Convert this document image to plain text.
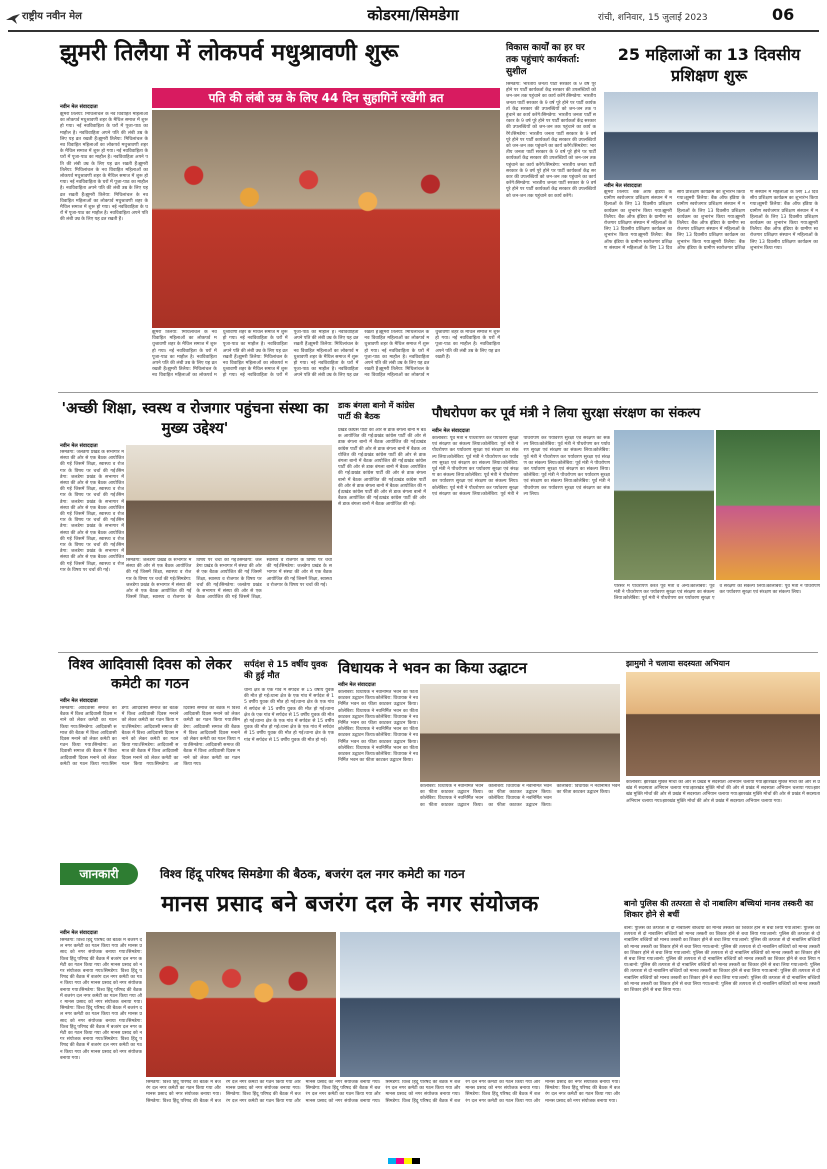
राष्ट्रीय नवीन मेल	कोडरमा/सिमडेगा	रांची, शनिवार, 15 जुलाई 2023	06
झुमरी तिलैया में लोकपर्व मधुश्रावणी शुरू
पति की लंबी उम्र के लिए 44 दिन सुहागिनें रखेंगी व्रत
नवीन मेल संवाददाता
झुमरी तिलैया: मिथिलांचल के नव विवाहित महिलाओं का लोकपर्व मधुश्रावणी शहर के मैथिल समाज में शुरू हो गया। नई नवविवाहिता के घरों में पूजा-पाठ का माहौल है। नवविवाहिता अपने पति की लंबी उम्र के लिए यह व्रत रखती हैं।झुमरी तिलैया: मिथिलांचल के नव विवाहित महिलाओं का लोकपर्व मधुश्रावणी शहर के मैथिल समाज में शुरू हो गया। नई नवविवाहिता के घरों में पूजा-पाठ का माहौल है। नवविवाहिता अपने पति की लंबी उम्र के लिए यह व्रत रखती हैं।झुमरी तिलैया: मिथिलांचल के नव विवाहित महिलाओं का लोकपर्व मधुश्रावणी शहर के मैथिल समाज में शुरू हो गया। नई नवविवाहिता के घरों में पूजा-पाठ का माहौल है। नवविवाहिता अपने पति की लंबी उम्र के लिए यह व्रत रखती हैं।झुमरी तिलैया: मिथिलांचल के नव विवाहित महिलाओं का लोकपर्व मधुश्रावणी शहर के मैथिल समाज में शुरू हो गया। नई नवविवाहिता के घरों में पूजा-पाठ का माहौल है। नवविवाहिता अपने पति की लंबी उम्र के लिए यह व्रत रखती हैं।
झुमरी तिलैया: मिथिलांचल के नव विवाहित महिलाओं का लोकपर्व मधुश्रावणी शहर के मैथिल समाज में शुरू हो गया। नई नवविवाहिता के घरों में पूजा-पाठ का माहौल है। नवविवाहिता अपने पति की लंबी उम्र के लिए यह व्रत रखती हैं।झुमरी तिलैया: मिथिलांचल के नव विवाहित महिलाओं का लोकपर्व मधुश्रावणी शहर के मैथिल समाज में शुरू हो गया। नई नवविवाहिता के घरों में पूजा-पाठ का माहौल है। नवविवाहिता अपने पति की लंबी उम्र के लिए यह व्रत रखती हैं।झुमरी तिलैया: मिथिलांचल के नव विवाहित महिलाओं का लोकपर्व मधुश्रावणी शहर के मैथिल समाज में शुरू हो गया। नई नवविवाहिता के घरों में पूजा-पाठ का माहौल है। नवविवाहिता अपने पति की लंबी उम्र के लिए यह व्रत रखती हैं।झुमरी तिलैया: मिथिलांचल के नव विवाहित महिलाओं का लोकपर्व मधुश्रावणी शहर के मैथिल समाज में शुरू हो गया। नई नवविवाहिता के घरों में पूजा-पाठ का माहौल है। नवविवाहिता अपने पति की लंबी उम्र के लिए यह व्रत रखती हैं।झुमरी तिलैया: मिथिलांचल के नव विवाहित महिलाओं का लोकपर्व मधुश्रावणी शहर के मैथिल समाज में शुरू हो गया। नई नवविवाहिता के घरों में पूजा-पाठ का माहौल है। नवविवाहिता अपने पति की लंबी उम्र के लिए यह व्रत रखती हैं।झुमरी तिलैया: मिथिलांचल के नव विवाहित महिलाओं का लोकपर्व मधुश्रावणी शहर के मैथिल समाज में शुरू हो गया। नई नवविवाहिता के घरों में पूजा-पाठ का माहौल है। नवविवाहिता अपने पति की लंबी उम्र के लिए यह व्रत रखती हैं।
विकास कार्यों का हर घर तक पहुंचाएं कार्यकर्ता: सुशील
सिमडेगा: भारतीय जनता पार्टी सरकार के 9 वर्ष पूरे होने पर पार्टी कार्यकर्ता केंद्र सरकार की उपलब्धियों को जन-जन तक पहुंचाने का कार्य करेंगे।सिमडेगा: भारतीय जनता पार्टी सरकार के 9 वर्ष पूरे होने पर पार्टी कार्यकर्ता केंद्र सरकार की उपलब्धियों को जन-जन तक पहुंचाने का कार्य करेंगे।सिमडेगा: भारतीय जनता पार्टी सरकार के 9 वर्ष पूरे होने पर पार्टी कार्यकर्ता केंद्र सरकार की उपलब्धियों को जन-जन तक पहुंचाने का कार्य करेंगे।सिमडेगा: भारतीय जनता पार्टी सरकार के 9 वर्ष पूरे होने पर पार्टी कार्यकर्ता केंद्र सरकार की उपलब्धियों को जन-जन तक पहुंचाने का कार्य करेंगे।सिमडेगा: भारतीय जनता पार्टी सरकार के 9 वर्ष पूरे होने पर पार्टी कार्यकर्ता केंद्र सरकार की उपलब्धियों को जन-जन तक पहुंचाने का कार्य करेंगे।सिमडेगा: भारतीय जनता पार्टी सरकार के 9 वर्ष पूरे होने पर पार्टी कार्यकर्ता केंद्र सरकार की उपलब्धियों को जन-जन तक पहुंचाने का कार्य करेंगे।सिमडेगा: भारतीय जनता पार्टी सरकार के 9 वर्ष पूरे होने पर पार्टी कार्यकर्ता केंद्र सरकार की उपलब्धियों को जन-जन तक पहुंचाने का कार्य करेंगे।
25 महिलाओं का 13 दिवसीय प्रशिक्षण शुरू
नवीन मेल संवाददाता
झुमरी तिलैया: बैंक ऑफ इंडिया के ग्रामीण स्वरोजगार प्रशिक्षण संस्थान में महिलाओं के लिए 13 दिवसीय प्रशिक्षण कार्यक्रम का शुभारंभ किया गया।झुमरी तिलैया: बैंक ऑफ इंडिया के ग्रामीण स्वरोजगार प्रशिक्षण संस्थान में महिलाओं के लिए 13 दिवसीय प्रशिक्षण कार्यक्रम का शुभारंभ किया गया।झुमरी तिलैया: बैंक ऑफ इंडिया के ग्रामीण स्वरोजगार प्रशिक्षण संस्थान में महिलाओं के लिए 13 दिवसीय प्रशिक्षण कार्यक्रम का शुभारंभ किया गया।झुमरी तिलैया: बैंक ऑफ इंडिया के ग्रामीण स्वरोजगार प्रशिक्षण संस्थान में महिलाओं के लिए 13 दिवसीय प्रशिक्षण कार्यक्रम का शुभारंभ किया गया।झुमरी तिलैया: बैंक ऑफ इंडिया के ग्रामीण स्वरोजगार प्रशिक्षण संस्थान में महिलाओं के लिए 13 दिवसीय प्रशिक्षण कार्यक्रम का शुभारंभ किया गया।झुमरी तिलैया: बैंक ऑफ इंडिया के ग्रामीण स्वरोजगार प्रशिक्षण संस्थान में महिलाओं के लिए 13 दिवसीय प्रशिक्षण कार्यक्रम का शुभारंभ किया गया।झुमरी तिलैया: बैंक ऑफ इंडिया के ग्रामीण स्वरोजगार प्रशिक्षण संस्थान में महिलाओं के लिए 13 दिवसीय प्रशिक्षण कार्यक्रम का शुभारंभ किया गया।झुमरी तिलैया: बैंक ऑफ इंडिया के ग्रामीण स्वरोजगार प्रशिक्षण संस्थान में महिलाओं के लिए 13 दिवसीय प्रशिक्षण कार्यक्रम का शुभारंभ किया गया।
'अच्छी शिक्षा, स्वस्थ व रोजगार पहुंचना संस्था का मुख्य उद्देश्य'
नवीन मेल संवाददाता
सिमडेगा: जलडेगा प्रखंड के सभागार में संस्था की ओर से एक बैठक आयोजित की गई जिसमें शिक्षा, स्वास्थ्य व रोजगार के विषय पर चर्चा की गई।सिमडेगा: जलडेगा प्रखंड के सभागार में संस्था की ओर से एक बैठक आयोजित की गई जिसमें शिक्षा, स्वास्थ्य व रोजगार के विषय पर चर्चा की गई।सिमडेगा: जलडेगा प्रखंड के सभागार में संस्था की ओर से एक बैठक आयोजित की गई जिसमें शिक्षा, स्वास्थ्य व रोजगार के विषय पर चर्चा की गई।सिमडेगा: जलडेगा प्रखंड के सभागार में संस्था की ओर से एक बैठक आयोजित की गई जिसमें शिक्षा, स्वास्थ्य व रोजगार के विषय पर चर्चा की गई।सिमडेगा: जलडेगा प्रखंड के सभागार में संस्था की ओर से एक बैठक आयोजित की गई जिसमें शिक्षा, स्वास्थ्य व रोजगार के विषय पर चर्चा की गई।
सिमडेगा: जलडेगा प्रखंड के सभागार में संस्था की ओर से एक बैठक आयोजित की गई जिसमें शिक्षा, स्वास्थ्य व रोजगार के विषय पर चर्चा की गई।सिमडेगा: जलडेगा प्रखंड के सभागार में संस्था की ओर से एक बैठक आयोजित की गई जिसमें शिक्षा, स्वास्थ्य व रोजगार के विषय पर चर्चा की गई।सिमडेगा: जलडेगा प्रखंड के सभागार में संस्था की ओर से एक बैठक आयोजित की गई जिसमें शिक्षा, स्वास्थ्य व रोजगार के विषय पर चर्चा की गई।सिमडेगा: जलडेगा प्रखंड के सभागार में संस्था की ओर से एक बैठक आयोजित की गई जिसमें शिक्षा, स्वास्थ्य व रोजगार के विषय पर चर्चा की गई।सिमडेगा: जलडेगा प्रखंड के सभागार में संस्था की ओर से एक बैठक आयोजित की गई जिसमें शिक्षा, स्वास्थ्य व रोजगार के विषय पर चर्चा की गई।
डाक बंगला बानो में कांग्रेस पार्टी की बैठक
प्रखंड कांग्रेस पार्टी की ओर से डाक बंगला बानो में बैठक आयोजित की गई।प्रखंड कांग्रेस पार्टी की ओर से डाक बंगला बानो में बैठक आयोजित की गई।प्रखंड कांग्रेस पार्टी की ओर से डाक बंगला बानो में बैठक आयोजित की गई।प्रखंड कांग्रेस पार्टी की ओर से डाक बंगला बानो में बैठक आयोजित की गई।प्रखंड कांग्रेस पार्टी की ओर से डाक बंगला बानो में बैठक आयोजित की गई।प्रखंड कांग्रेस पार्टी की ओर से डाक बंगला बानो में बैठक आयोजित की गई।प्रखंड कांग्रेस पार्टी की ओर से डाक बंगला बानो में बैठक आयोजित की गई।प्रखंड कांग्रेस पार्टी की ओर से डाक बंगला बानो में बैठक आयोजित की गई।प्रखंड कांग्रेस पार्टी की ओर से डाक बंगला बानो में बैठक आयोजित की गई।
पौधरोपण कर पूर्व मंत्री ने लिया सुरक्षा संरक्षण का संकल्प
नवीन मेल संवाददाता
कोलेबिरा: पूर्व मंत्री ने पौधरोपण कर पर्यावरण सुरक्षा एवं संरक्षण का संकल्प लिया।कोलेबिरा: पूर्व मंत्री ने पौधरोपण कर पर्यावरण सुरक्षा एवं संरक्षण का संकल्प लिया।कोलेबिरा: पूर्व मंत्री ने पौधरोपण कर पर्यावरण सुरक्षा एवं संरक्षण का संकल्प लिया।कोलेबिरा: पूर्व मंत्री ने पौधरोपण कर पर्यावरण सुरक्षा एवं संरक्षण का संकल्प लिया।कोलेबिरा: पूर्व मंत्री ने पौधरोपण कर पर्यावरण सुरक्षा एवं संरक्षण का संकल्प लिया।कोलेबिरा: पूर्व मंत्री ने पौधरोपण कर पर्यावरण सुरक्षा एवं संरक्षण का संकल्प लिया।कोलेबिरा: पूर्व मंत्री ने पौधरोपण कर पर्यावरण सुरक्षा एवं संरक्षण का संकल्प लिया।कोलेबिरा: पूर्व मंत्री ने पौधरोपण कर पर्यावरण सुरक्षा एवं संरक्षण का संकल्प लिया।कोलेबिरा: पूर्व मंत्री ने पौधरोपण कर पर्यावरण सुरक्षा एवं संरक्षण का संकल्प लिया।कोलेबिरा: पूर्व मंत्री ने पौधरोपण कर पर्यावरण सुरक्षा एवं संरक्षण का संकल्प लिया।कोलेबिरा: पूर्व मंत्री ने पौधरोपण कर पर्यावरण सुरक्षा एवं संरक्षण का संकल्प लिया।कोलेबिरा: पूर्व मंत्री ने पौधरोपण कर पर्यावरण सुरक्षा एवं संरक्षण का संकल्प लिया।
परिसर में पौधरोपण करते पूर्व मंत्री व अन्य।कोलेबिरा: पूर्व मंत्री ने पौधरोपण कर पर्यावरण सुरक्षा एवं संरक्षण का संकल्प लिया।कोलेबिरा: पूर्व मंत्री ने पौधरोपण कर पर्यावरण सुरक्षा एवं संरक्षण का संकल्प लिया।कोलेबिरा: पूर्व मंत्री ने पौधरोपण कर पर्यावरण सुरक्षा एवं संरक्षण का संकल्प लिया।
विश्व आदिवासी दिवस को लेकर कमेटी का गठन
नवीन मेल संवाददाता
सिमडेगा: आदिवासी समाज की बैठक में विश्व आदिवासी दिवस मनाने को लेकर कमेटी का गठन किया गया।सिमडेगा: आदिवासी समाज की बैठक में विश्व आदिवासी दिवस मनाने को लेकर कमेटी का गठन किया गया।सिमडेगा: आदिवासी समाज की बैठक में विश्व आदिवासी दिवस मनाने को लेकर कमेटी का गठन किया गया।सिमडेगा: आदिवासी समाज की बैठक में विश्व आदिवासी दिवस मनाने को लेकर कमेटी का गठन किया गया।सिमडेगा: आदिवासी समाज की बैठक में विश्व आदिवासी दिवस मनाने को लेकर कमेटी का गठन किया गया।सिमडेगा: आदिवासी समाज की बैठक में विश्व आदिवासी दिवस मनाने को लेकर कमेटी का गठन किया गया।सिमडेगा: आदिवासी समाज की बैठक में विश्व आदिवासी दिवस मनाने को लेकर कमेटी का गठन किया गया।सिमडेगा: आदिवासी समाज की बैठक में विश्व आदिवासी दिवस मनाने को लेकर कमेटी का गठन किया गया।सिमडेगा: आदिवासी समाज की बैठक में विश्व आदिवासी दिवस मनाने को लेकर कमेटी का गठन किया गया।
सर्पदंश से 15 वर्षीय युवक की हुई मौत
थाना क्षेत्र के एक गांव में सर्पदंश से 15 वर्षीय युवक की मौत हो गई।थाना क्षेत्र के एक गांव में सर्पदंश से 15 वर्षीय युवक की मौत हो गई।थाना क्षेत्र के एक गांव में सर्पदंश से 15 वर्षीय युवक की मौत हो गई।थाना क्षेत्र के एक गांव में सर्पदंश से 15 वर्षीय युवक की मौत हो गई।थाना क्षेत्र के एक गांव में सर्पदंश से 15 वर्षीय युवक की मौत हो गई।थाना क्षेत्र के एक गांव में सर्पदंश से 15 वर्षीय युवक की मौत हो गई।थाना क्षेत्र के एक गांव में सर्पदंश से 15 वर्षीय युवक की मौत हो गई।
विधायक ने भवन का किया उद्घाटन
नवीन मेल संवाददाता
कोलेबिरा: विधायक ने नवनिर्मित भवन का फीता काटकर उद्घाटन किया।कोलेबिरा: विधायक ने नवनिर्मित भवन का फीता काटकर उद्घाटन किया।कोलेबिरा: विधायक ने नवनिर्मित भवन का फीता काटकर उद्घाटन किया।कोलेबिरा: विधायक ने नवनिर्मित भवन का फीता काटकर उद्घाटन किया।कोलेबिरा: विधायक ने नवनिर्मित भवन का फीता काटकर उद्घाटन किया।कोलेबिरा: विधायक ने नवनिर्मित भवन का फीता काटकर उद्घाटन किया।कोलेबिरा: विधायक ने नवनिर्मित भवन का फीता काटकर उद्घाटन किया।कोलेबिरा: विधायक ने नवनिर्मित भवन का फीता काटकर उद्घाटन किया।
कोलेबिरा: विधायक ने नवनिर्मित भवन का फीता काटकर उद्घाटन किया।कोलेबिरा: विधायक ने नवनिर्मित भवन का फीता काटकर उद्घाटन किया।कोलेबिरा: विधायक ने नवनिर्मित भवन का फीता काटकर उद्घाटन किया।कोलेबिरा: विधायक ने नवनिर्मित भवन का फीता काटकर उद्घाटन किया।कोलेबिरा: विधायक ने नवनिर्मित भवन का फीता काटकर उद्घाटन किया।
झामुमो ने चलाया सदस्यता अभियान
कोलेबिरा: झारखंड मुक्ति मोर्चा की ओर से प्रखंड में सदस्यता अभियान चलाया गया।झारखंड मुक्ति मोर्चा की ओर से प्रखंड में सदस्यता अभियान चलाया गया।झारखंड मुक्ति मोर्चा की ओर से प्रखंड में सदस्यता अभियान चलाया गया।झारखंड मुक्ति मोर्चा की ओर से प्रखंड में सदस्यता अभियान चलाया गया।झारखंड मुक्ति मोर्चा की ओर से प्रखंड में सदस्यता अभियान चलाया गया।झारखंड मुक्ति मोर्चा की ओर से प्रखंड में सदस्यता अभियान चलाया गया।
जानकारी	विश्व हिंदू परिषद सिमडेगा की बैठक, बजरंग दल नगर कमेटी का गठन
मानस प्रसाद बने बजरंग दल के नगर संयोजक
नवीन मेल संवाददाता
सिमडेगा: विश्व हिंदू परिषद की बैठक में बजरंग दल नगर कमेटी का गठन किया गया और मानस प्रसाद को नगर संयोजक बनाया गया।सिमडेगा: विश्व हिंदू परिषद की बैठक में बजरंग दल नगर कमेटी का गठन किया गया और मानस प्रसाद को नगर संयोजक बनाया गया।सिमडेगा: विश्व हिंदू परिषद की बैठक में बजरंग दल नगर कमेटी का गठन किया गया और मानस प्रसाद को नगर संयोजक बनाया गया।सिमडेगा: विश्व हिंदू परिषद की बैठक में बजरंग दल नगर कमेटी का गठन किया गया और मानस प्रसाद को नगर संयोजक बनाया गया।सिमडेगा: विश्व हिंदू परिषद की बैठक में बजरंग दल नगर कमेटी का गठन किया गया और मानस प्रसाद को नगर संयोजक बनाया गया।सिमडेगा: विश्व हिंदू परिषद की बैठक में बजरंग दल नगर कमेटी का गठन किया गया और मानस प्रसाद को नगर संयोजक बनाया गया।सिमडेगा: विश्व हिंदू परिषद की बैठक में बजरंग दल नगर कमेटी का गठन किया गया और मानस प्रसाद को नगर संयोजक बनाया गया।
सिमडेगा: विश्व हिंदू परिषद की बैठक में बजरंग दल नगर कमेटी का गठन किया गया और मानस प्रसाद को नगर संयोजक बनाया गया।सिमडेगा: विश्व हिंदू परिषद की बैठक में बजरंग दल नगर कमेटी का गठन किया गया और मानस प्रसाद को नगर संयोजक बनाया गया।सिमडेगा: विश्व हिंदू परिषद की बैठक में बजरंग दल नगर कमेटी का गठन किया गया और मानस प्रसाद को नगर संयोजक बनाया गया।सिमडेगा: विश्व हिंदू परिषद की बैठक में बजरंग दल नगर कमेटी का गठन किया गया और मानस प्रसाद को नगर संयोजक बनाया गया।सिमडेगा: विश्व हिंदू परिषद की बैठक में बजरंग दल नगर कमेटी का गठन किया गया और मानस प्रसाद को नगर संयोजक बनाया गया।सिमडेगा: विश्व हिंदू परिषद की बैठक में बजरंग दल नगर कमेटी का गठन किया गया और मानस प्रसाद को नगर संयोजक बनाया गया।सिमडेगा: विश्व हिंदू परिषद की बैठक में बजरंग दल नगर कमेटी का गठन किया गया और मानस प्रसाद को नगर संयोजक बनाया गया।सिमडेगा: विश्व हिंदू परिषद की बैठक में बजरंग दल नगर कमेटी का गठन किया गया और मानस प्रसाद को नगर संयोजक बनाया गया।
बानो पुलिस की तत्परता से दो नाबालिग बच्चियां मानव तस्करी का शिकार होने से बचीं
बानो: पुलिस की तत्परता से दो नाबालिग बच्चियों को मानव तस्करी का शिकार होने से बचा लिया गया।बानो: पुलिस की तत्परता से दो नाबालिग बच्चियों को मानव तस्करी का शिकार होने से बचा लिया गया।बानो: पुलिस की तत्परता से दो नाबालिग बच्चियों को मानव तस्करी का शिकार होने से बचा लिया गया।बानो: पुलिस की तत्परता से दो नाबालिग बच्चियों को मानव तस्करी का शिकार होने से बचा लिया गया।बानो: पुलिस की तत्परता से दो नाबालिग बच्चियों को मानव तस्करी का शिकार होने से बचा लिया गया।बानो: पुलिस की तत्परता से दो नाबालिग बच्चियों को मानव तस्करी का शिकार होने से बचा लिया गया।बानो: पुलिस की तत्परता से दो नाबालिग बच्चियों को मानव तस्करी का शिकार होने से बचा लिया गया।बानो: पुलिस की तत्परता से दो नाबालिग बच्चियों को मानव तस्करी का शिकार होने से बचा लिया गया।बानो: पुलिस की तत्परता से दो नाबालिग बच्चियों को मानव तस्करी का शिकार होने से बचा लिया गया।बानो: पुलिस की तत्परता से दो नाबालिग बच्चियों को मानव तस्करी का शिकार होने से बचा लिया गया।बानो: पुलिस की तत्परता से दो नाबालिग बच्चियों को मानव तस्करी का शिकार होने से बचा लिया गया।बानो: पुलिस की तत्परता से दो नाबालिग बच्चियों को मानव तस्करी का शिकार होने से बचा लिया गया।
